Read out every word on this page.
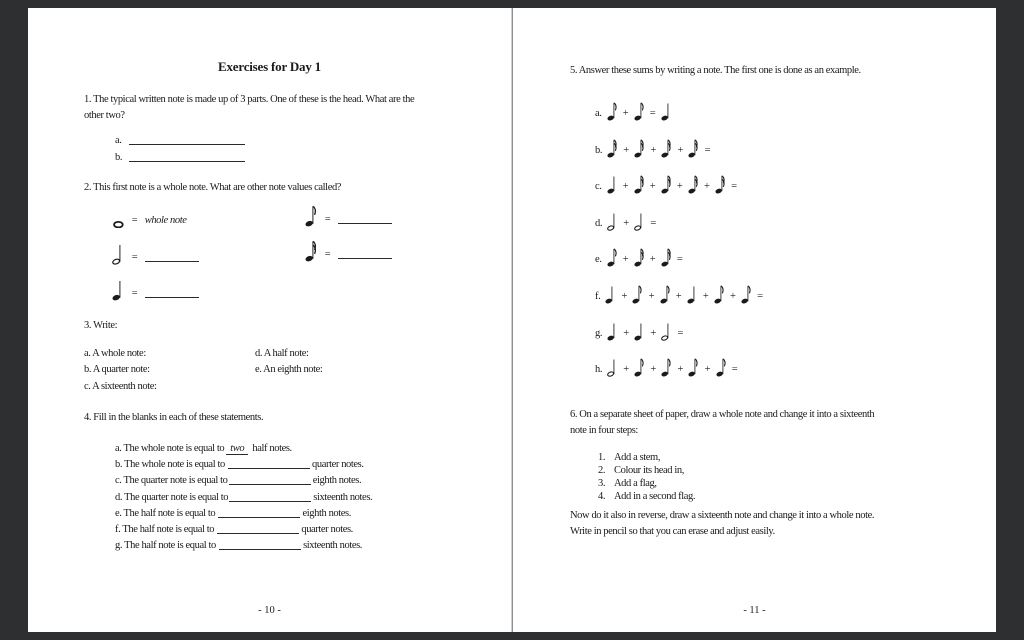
Exercises for Day 1
1. The typical written note is made up of 3 parts. One of these is the head. What are the
other two?
a.
b.
2. This first note is a whole note. What are other note values called?
= whole note
=
=
=
=
3. Write:
a. A whole note:
b. A quarter note:
c. A sixteenth note:
d. A half note:
e. An eighth note:
4. Fill in the blanks in each of these statements.
a. The whole note is equal to two half notes.
b. The whole note is equal to	quarter notes.
c. The quarter note is equal to	eighth notes.
d. The quarter note is equal to	sixteenth notes.
e. The half note is equal to	eighth notes.
f. The half note is equal to	quarter notes.
g. The half note is equal to	sixteenth notes.
- 10 -
5. Answer these sums by writing a note. The first one is done as an example.
a. + =
b. + + + =
c. + + + + =
d. + =
e. + + =
f. + + + + + =
g. + + =
h. + + + + =
6. On a separate sheet of paper, draw a whole note and change it into a sixteenth
note in four steps:
1. Add a stem,
2. Colour its head in,
3. Add a flag,
4. Add in a second flag.
Now do it also in reverse, draw a sixteenth note and change it into a whole note.
Write in pencil so that you can erase and adjust easily.
- 11 -
